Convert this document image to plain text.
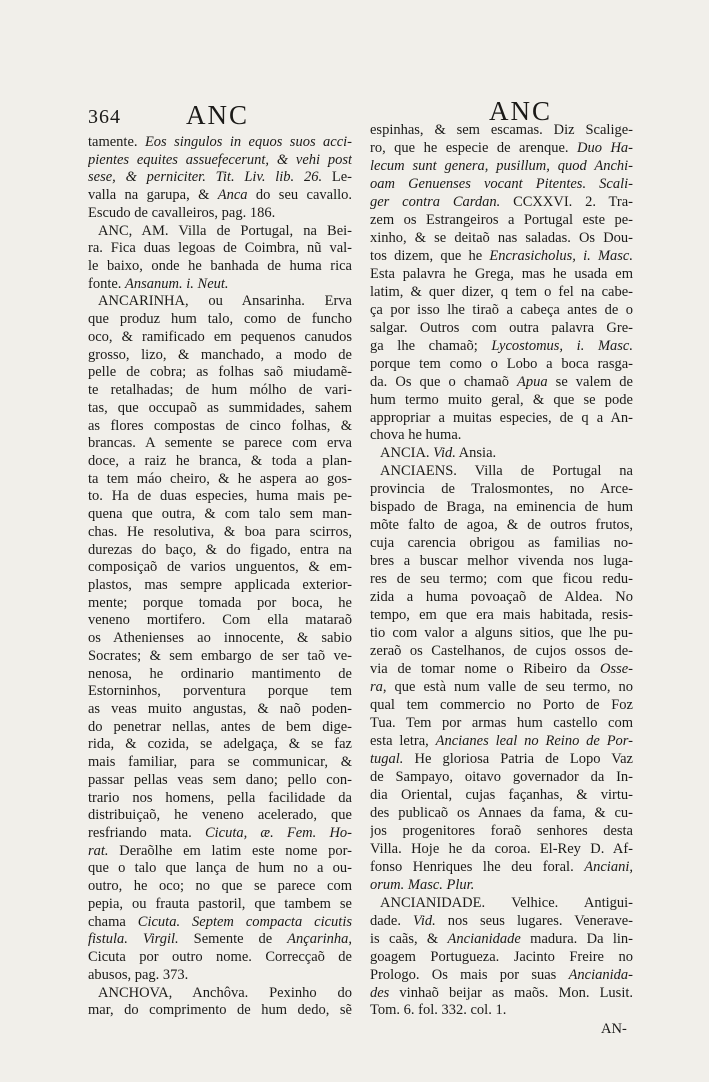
364 ANC	ANC
tamente. Eos singulos in equos suos acci-
pientes equites assuefecerunt, & vehi post
sese, & perniciter. Tit. Liv. lib. 26. Le-
valla na garupa, & Anca do seu cavallo.
Escudo de cavalleiros, pag. 186.
ANC, AM. Villa de Portugal, na Bei-
ra. Fica duas legoas de Coimbra, nũ val-
le baixo, onde he banhada de huma rica
fonte. Ansanum. i. Neut.
ANCARINHA, ou Ansarinha. Erva
que produz hum talo, como de funcho
oco, & ramificado em pequenos canudos
grosso, lizo, & manchado, a modo de
pelle de cobra; as folhas saõ miudamẽ-
te retalhadas; de hum mólho de vari-
tas, que occupaõ as summidades, sahem
as flores compostas de cinco folhas, &
brancas. A semente se parece com erva
doce, a raiz he branca, & toda a plan-
ta tem máo cheiro, & he aspera ao gos-
to. Ha de duas especies, huma mais pe-
quena que outra, & com talo sem man-
chas. He resolutiva, & boa para scirros,
durezas do baço, & do figado, entra na
composiçaõ de varios unguentos, & em-
plastos, mas sempre applicada exterior-
mente; porque tomada por boca, he
veneno mortifero. Com ella mataraõ
os Athenienses ao innocente, & sabio
Socrates; & sem embargo de ser taõ ve-
nenosa, he ordinario mantimento de
Estorninhos, porventura porque tem
as veas muito angustas, & naõ poden-
do penetrar nellas, antes de bem dige-
rida, & cozida, se adelgaça, & se faz
mais familiar, para se communicar, &
passar pellas veas sem dano; pello con-
trario nos homens, pella facilidade da
distribuiçaõ, he veneno acelerado, que
resfriando mata. Cicuta, æ. Fem. Ho-
rat. Deraõlhe em latim este nome por-
que o talo que lança de hum no a ou-
outro, he oco; no que se parece com
pepia, ou frauta pastoril, que tambem se
chama Cicuta. Septem compacta cicutis
fistula. Virgil. Semente de Ançarinha,
Cicuta por outro nome. Correcçaõ de
abusos, pag. 373.
ANCHOVA, Anchôva. Pexinho do
mar, do comprimento de hum dedo, sẽ
espinhas, & sem escamas. Diz Scalige-
ro, que he especie de arenque. Duo Ha-
lecum sunt genera, pusillum, quod Anchi-
oam Genuenses vocant Pitentes. Scali-
ger contra Cardan. CCXXVI. 2. Tra-
zem os Estrangeiros a Portugal este pe-
xinho, & se deitaõ nas saladas. Os Dou-
tos dizem, que he Encrasicholus, i. Masc.
Esta palavra he Grega, mas he usada em
latim, & quer dizer, q tem o fel na cabe-
ça por isso lhe tiraõ a cabeça antes de o
salgar. Outros com outra palavra Gre-
ga lhe chamaõ; Lycostomus, i. Masc.
porque tem como o Lobo a boca rasga-
da. Os que o chamaõ Apua se valem de
hum termo muito geral, & que se pode
appropriar a muitas especies, de q a An-
chova he huma.
ANCIA. Vid. Ansia.
ANCIAENS. Villa de Portugal na
provincia de Tralosmontes, no Arce-
bispado de Braga, na eminencia de hum
mõte falto de agoa, & de outros frutos,
cuja carencia obrigou as familias no-
bres a buscar melhor vivenda nos luga-
res de seu termo; com que ficou redu-
zida a huma povoaçaõ de Aldea. No
tempo, em que era mais habitada, resis-
tio com valor a alguns sitios, que lhe pu-
zeraõ os Castelhanos, de cujos ossos de-
via de tomar nome o Ribeiro da Osse-
ra, que està num valle de seu termo, no
qual tem commercio no Porto de Foz
Tua. Tem por armas hum castello com
esta letra, Ancianes leal no Reino de Por-
tugal. He gloriosa Patria de Lopo Vaz
de Sampayo, oitavo governador da In-
dia Oriental, cujas façanhas, & virtu-
des publicaõ os Annaes da fama, & cu-
jos progenitores foraõ senhores desta
Villa. Hoje he da coroa. El-Rey D. Af-
fonso Henriques lhe deu foral. Anciani,
orum. Masc. Plur.
ANCIANIDADE. Velhice. Antigui-
dade. Vid. nos seus lugares. Venerave-
is caãs, & Ancianidade madura. Da lin-
goagem Portugueza. Jacinto Freire no
Prologo. Os mais por suas Ancianida-
des vinhaõ beijar as maõs. Mon. Lusit.
Tom. 6. fol. 332. col. 1.
AN-
